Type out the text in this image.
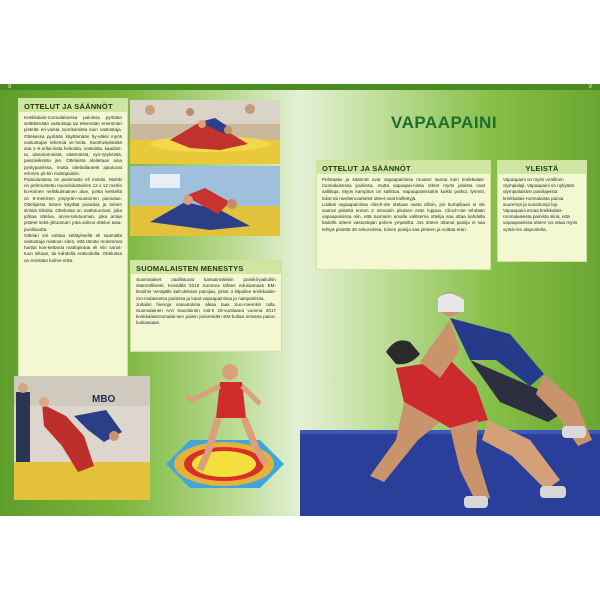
8	9
OTTELUT JA SÄÄNNÖT
Kreikkalais-roomalaisessa painissa pyritään selättämään vastustaja tai tekemään enemmän pisteitä eri-voista suorituksista kuin vastustaja. Otteluissa pyritään käyttämään hy-väksi myös vastustajan tekemiä vir-heitä. Suoritusipisteitä saa 1–5 erilai-sista heitoista, nostoista, kaadois-ta, alasvienneistä, väännöistä, vyö-rytyksistä, passiiviksista jne. Otteluista aloitetaan aina pystypainissa, mutta ottelutilanteet ajautuvat erinnen pit-kin mattopainiin.
Painialustana on painimatto eli moloki. Molski on pehmustettu muovilalustainen 12 x 12 metrin ko-koinen neliskulmainen alue, jonka keskellä on 9-metrinen ympyrän-muotoinen painialue. Ottelijoista toinen käyttää punaisia ja toinen sinisiä trikoita. Ottelussa on mattotuomari, joka johtaa ottelua, arvos-telutuomari, joka antaa pisteet sekä ylituomari, joka valvoo ottelun tasa-puolisuutta.
Ottelun voi voittaa selätyksellä eli saamalla vastustaja mattoon siten, että tämän molemmat hartiat kos-kettavat mattopintaa eli niin sanot-tuun siltaan, tai kahdella eräivoitolla. Ottelussa on enintään kolme erää.
SUOMALAISTEN MENESTYS
Suomalaiset osallistuvat kansainvälisiin painikil-pailuihin säännöllisesti. Keväällä 2018 Suomea tähtee edustamaan EM-kisoihin Venäjälle kah-deksan painijaa, joista 4 kilpailee kreikkalais-roo-malaisessa painissa ja loput vapaapainissa ja naispainissa.
Joitakin hienoja saavutuksia alkaa taas Suo-meenkin tulla. Suomalainen Arvi Savolainen voit-ti 18-vuotiaana vuonna 2017 kreikkalaisroomalai-sen painin junioreiden EM-kultaa omassa paino-luokassaan.
MBO
VAPAAPAINI
OTTELUT JA SÄÄNNÖT
Pelotaaku ja säännöt ovat vapaapainissa muuten samat kuin kreikkalais-roomalaisessa painissa, mutta vapaapai-nissa otteet myös jaloista ovat sallittuja. Myös kampitus on sallittua. Vapaapainissakin kaikki potkut, lyönnit, lukot tai nivelteruvatselet otteet ovat kiellettyjä.
Lisäksi vapaapainissa clinch-ote otetaan vasta silloin, jos kumpikaan ei ole saanut pisteitä ennen 2 minuutin pituisen erän loppua. Clinch-ote tehdään vapaapainissa niin, että tuomarin arvalla valitsema ottelija saa ottaa kahdella kädellä otteen vastustajan polven ympäriltä. Jos otteen ottanut painija ei saa tehtyä pistettä 30 sekunnissa, toinen painija saa pisteen ja voittaa erän.
YLEISTÄ
Vapaapaini on myös virallinen olympialaji. Vapaapaini on nykyään olympialaisten painilajeista kreikkalais-roomalaista painia suurempi ja suositumpi laji.
Vapaapaini eroaa kreikkalais-roomalaisesta painista siinä, että vapaapainissa otteen voi ottaa myös vyötä-rön alapuolelta.
